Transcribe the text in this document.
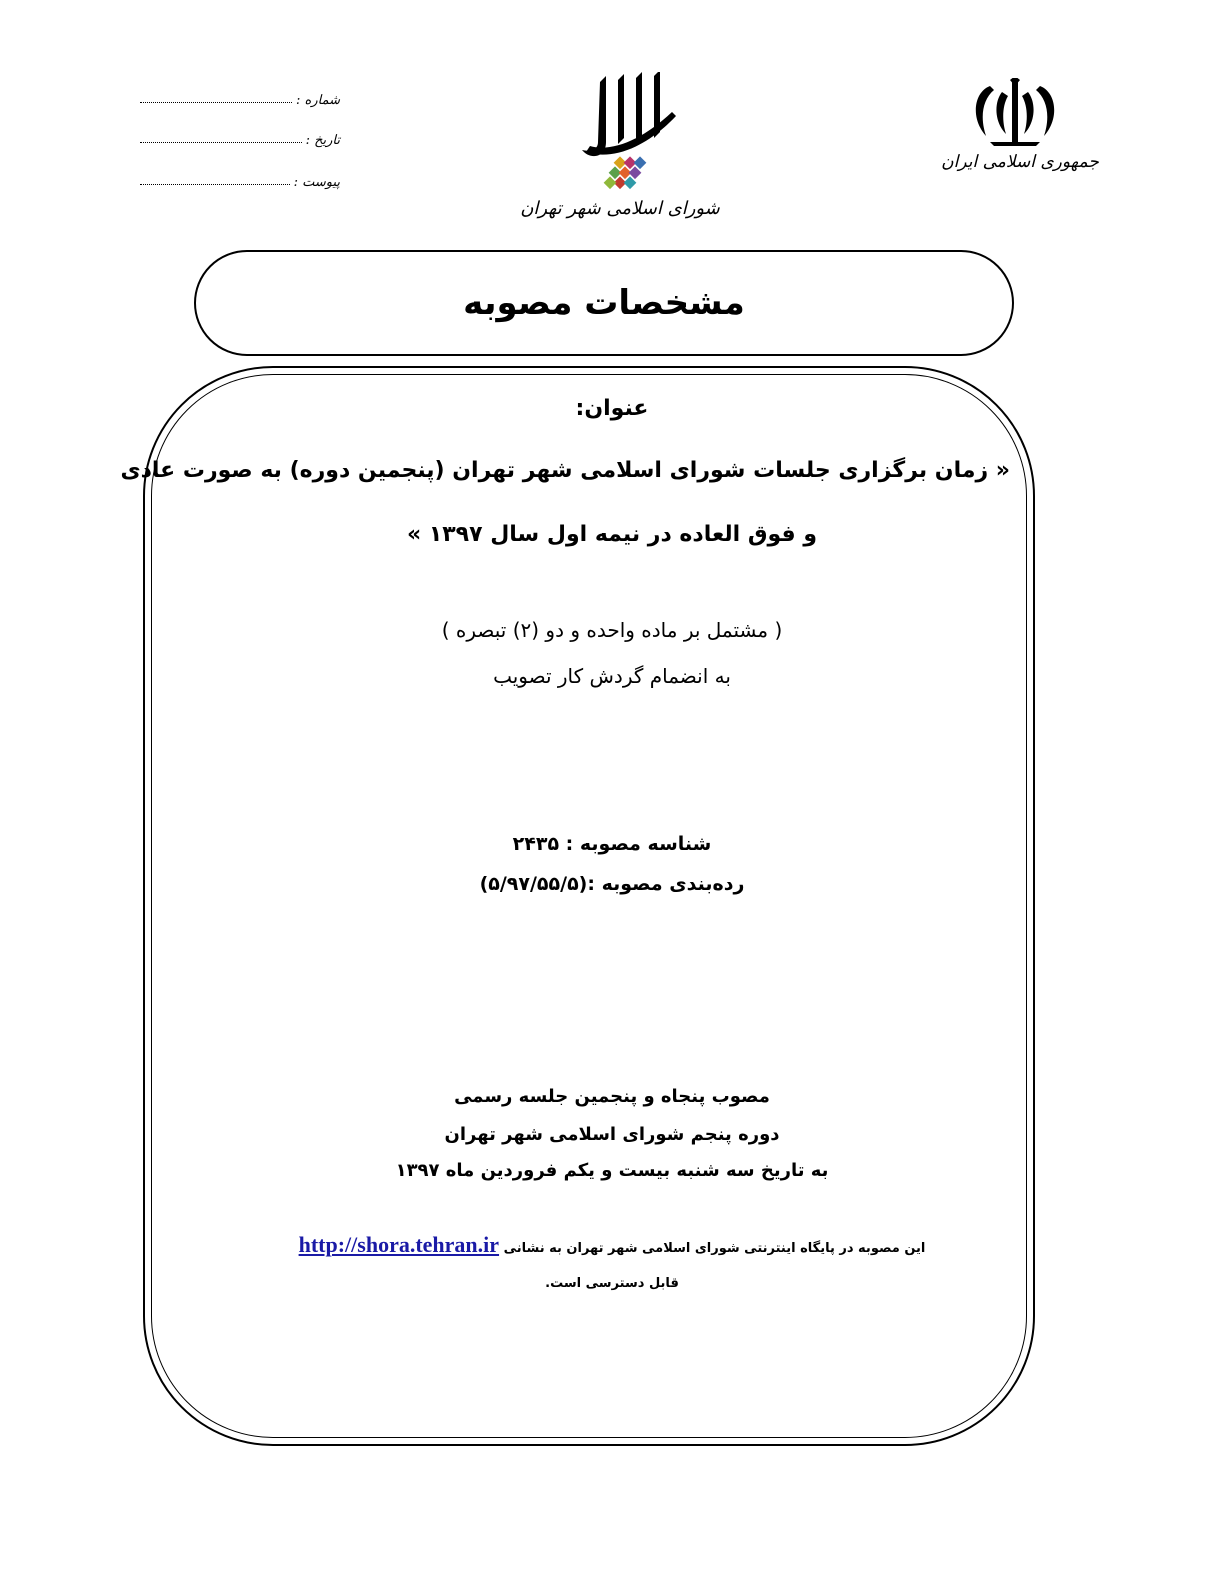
جمهوری اسلامی ایران
شورای اسلامی شهر تهران
شماره :
تاریخ :
پیوست :
مشخصات مصوبه
عنوان:
« زمان برگزاری جلسات شورای اسلامی شهر تهران (پنجمین دوره) به صورت عادی
و فوق العاده در نیمه اول سال ۱۳۹۷ »
( مشتمل بر ماده واحده و دو (۲) تبصره )
به انضمام گردش کار تصویب
شناسه مصوبه : ۲۴۳۵
رده‌بندی مصوبه :(۵/۹۷/۵۵/۵)
مصوب پنجاه و پنجمین جلسه رسمی
دوره پنجم شورای اسلامی شهر تهران
به تاریخ سه شنبه بیست و یکم فروردین ماه ۱۳۹۷
این مصوبه در پایگاه اینترنتی شورای اسلامی شهر تهران به نشانی http://shora.tehran.ir
قابل دسترسی است.
